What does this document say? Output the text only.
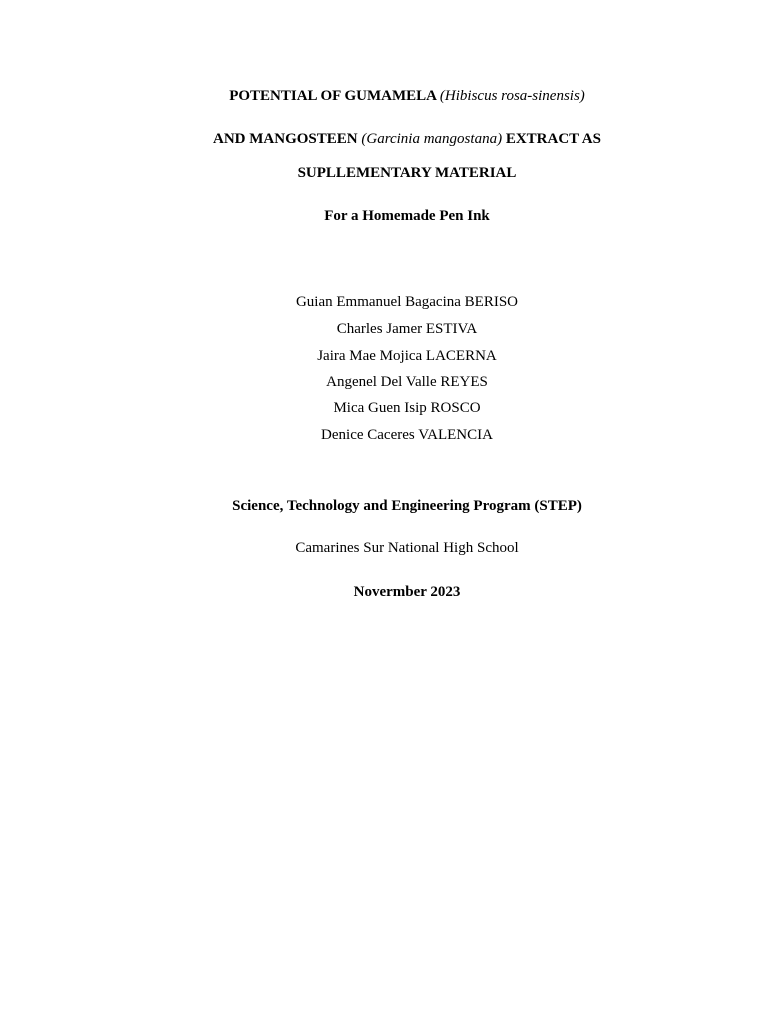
POTENTIAL OF GUMAMELA (Hibiscus rosa-sinensis)
AND MANGOSTEEN (Garcinia mangostana) EXTRACT AS
SUPLLEMENTARY MATERIAL
For a Homemade Pen Ink
Guian Emmanuel Bagacina BERISO
Charles Jamer ESTIVA
Jaira Mae Mojica LACERNA
Angenel Del Valle REYES
Mica Guen Isip ROSCO
Denice Caceres VALENCIA
Science, Technology and Engineering Program (STEP)
Camarines Sur National High School
Novermber 2023
